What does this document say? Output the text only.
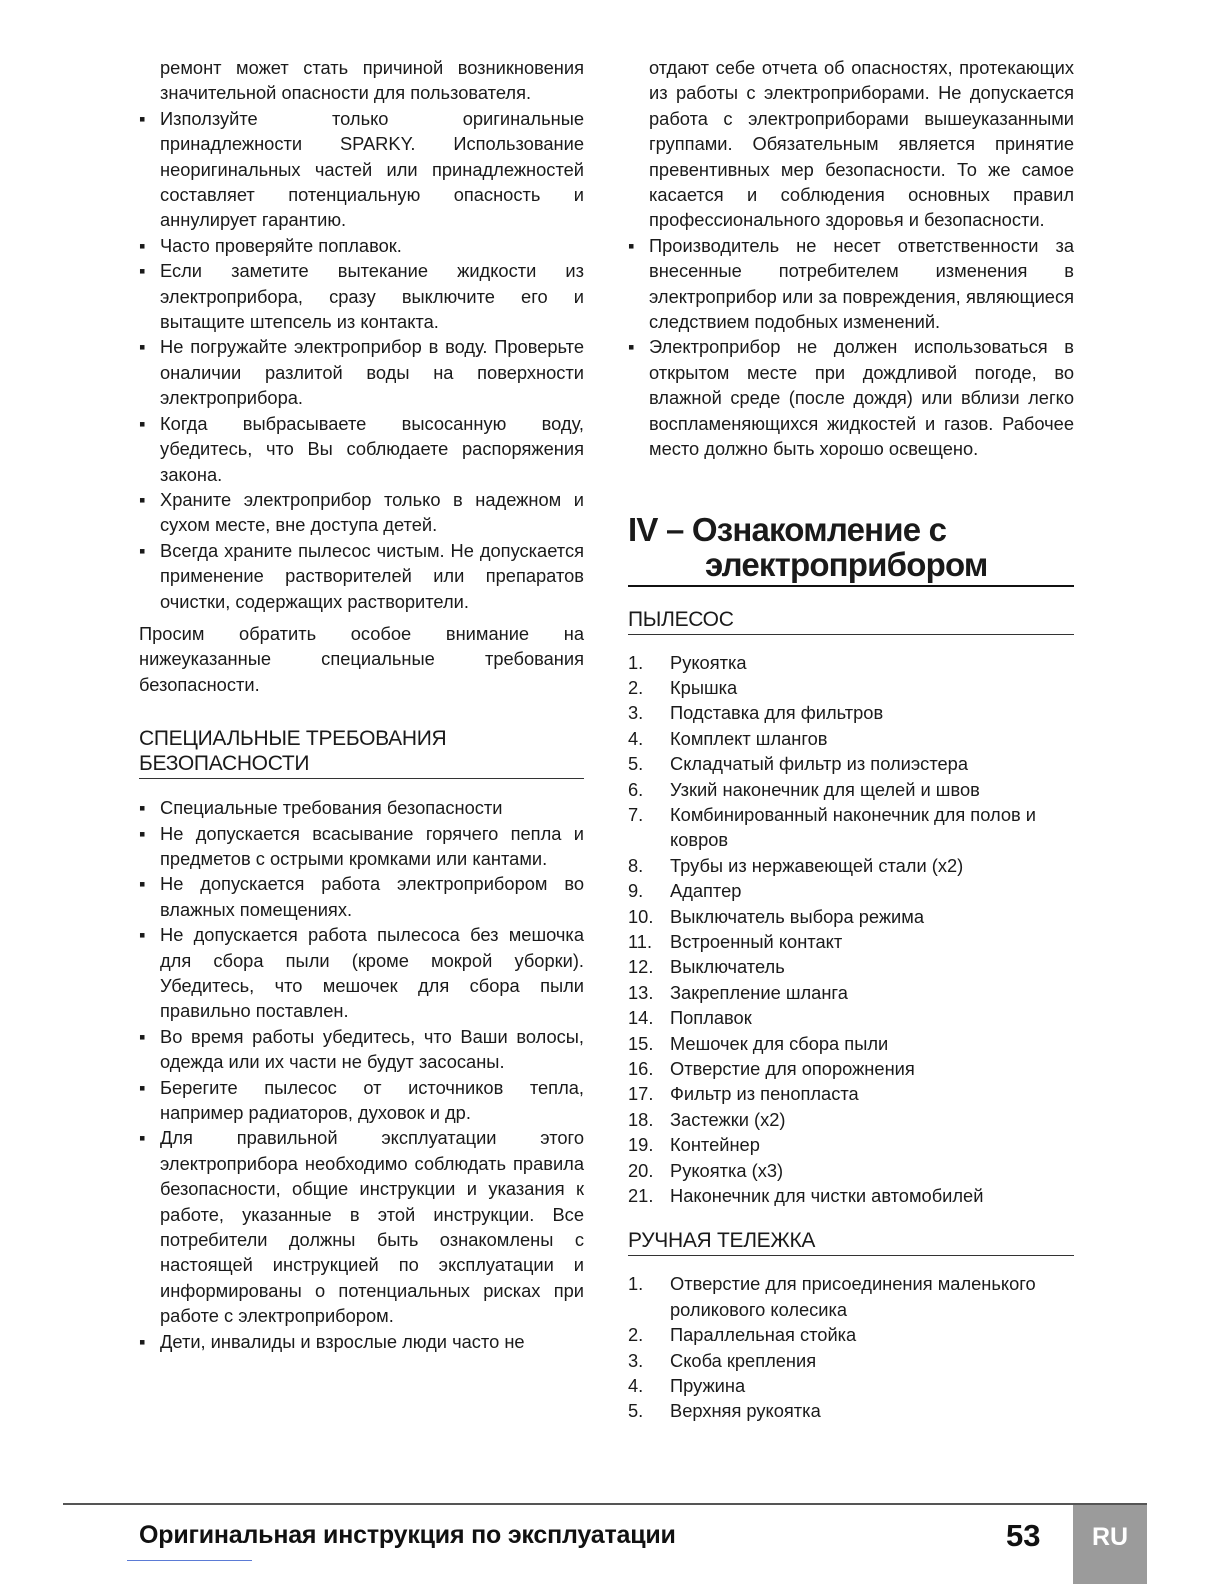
ремонт может стать причиной возникновения значительной опасности для пользователя.

▪ Използуйте только оригинальные принадлежности SPARKY. Использование неоригинальных частей или принадлежностей составляет потенциальную опасность и аннулирует гарантию.
▪ Часто проверяйте поплавок.
▪ Если заметите вытекание жидкости из электроприбора, сразу выключите его и вытащите штепсель из контакта.
▪ Не погружайте электроприбор в воду. Проверьте оналичии разлитой воды на поверхности электроприбора.
▪ Когда выбрасываете высосанную воду, убедитесь, что Вы соблюдаете распоряжения закона.
▪ Храните электроприбор только в надежном и сухом месте, вне доступа детей.
▪ Всегда храните пылесос чистым. Не допускается применение растворителей или препаратов очистки, содержащих растворители.

Просим обратить особое внимание на нижеуказанные специальные требования безопасности.

СПЕЦИАЛЬНЫЕ ТРЕБОВАНИЯ БЕЗОПАСНОСТИ
▪ Специальные требования безопасности
▪ Не допускается всасывание горячего пепла и предметов с острыми кромками или кантами.
▪ Не допускается работа электроприбором во влажных помещениях.
▪ Не допускается работа пылесоса без мешочка для сбора пыли (кроме мокрой уборки). Убедитесь, что мешочек для сбора пыли правильно поставлен.
▪ Во время работы убедитесь, что Ваши волосы, одежда или их части не будут засосаны.
▪ Берегите пылесос от источников тепла, например радиаторов, духовок и др.
▪ Для правильной эксплуатации этого электроприбора необходимо соблюдать правила безопасности, общие инструкции и указания к работе, указанные в этой инструкции. Все потребители должны быть ознакомлены с настоящей инструкцией по эксплуатации и информированы о потенциальных рисках при работе с электроприбором.
▪ Дети, инвалиды и взрослые люди часто не

отдают себе отчета об опасностях, протекающих из работы с электроприборами. Не допускается работа с электроприборами вышеуказанными группами. Обязательным является принятие превентивных мер безопасности. То же самое касается и соблюдения основных правил профессионального здоровья и безопасности.

▪ Производитель не несет ответственности за внесенные потребителем изменения в электроприбор или за повреждения, являющиеся следствием подобных изменений.
▪ Электроприбор не должен использоваться в открытом месте при дождливой погоде, во влажной среде (после дождя) или вблизи легко воспламеняющихся жидкостей и газов. Рабочее место должно быть хорошо освещено.
IV – Ознакомление с
электроприбором
ПЫЛЕСОС
1. Рукоятка
2. Крышка
3. Подставка для фильтров
4. Комплект шлангов
5. Складчатый фильтр из полиэстера
6. Узкий наконечник для щелей и швов
7. Комбинированный наконечник для полов и ковров
8. Трубы из нержавеющей стали (x2)
9. Адаптер
10. Выключатель выбора режима
11. Встроенный контакт
12. Выключатель
13. Закрепление шланга
14. Поплавок
15. Мешочек для сбора пыли
16. Отверстие для опорожнения
17. Фильтр из пенопласта
18. Застежки (x2)
19. Контейнер
20. Рукоятка (x3)
21. Наконечник для чистки автомобилей
РУЧНАЯ ТЕЛЕЖКА
1. Отверстие для присоединения маленького роликового колесика
2. Параллельная стойка
3. Скоба крепления
4. Пружина
5. Верхняя рукоятка
Оригинальная инструкция по эксплуатации	53	RU
